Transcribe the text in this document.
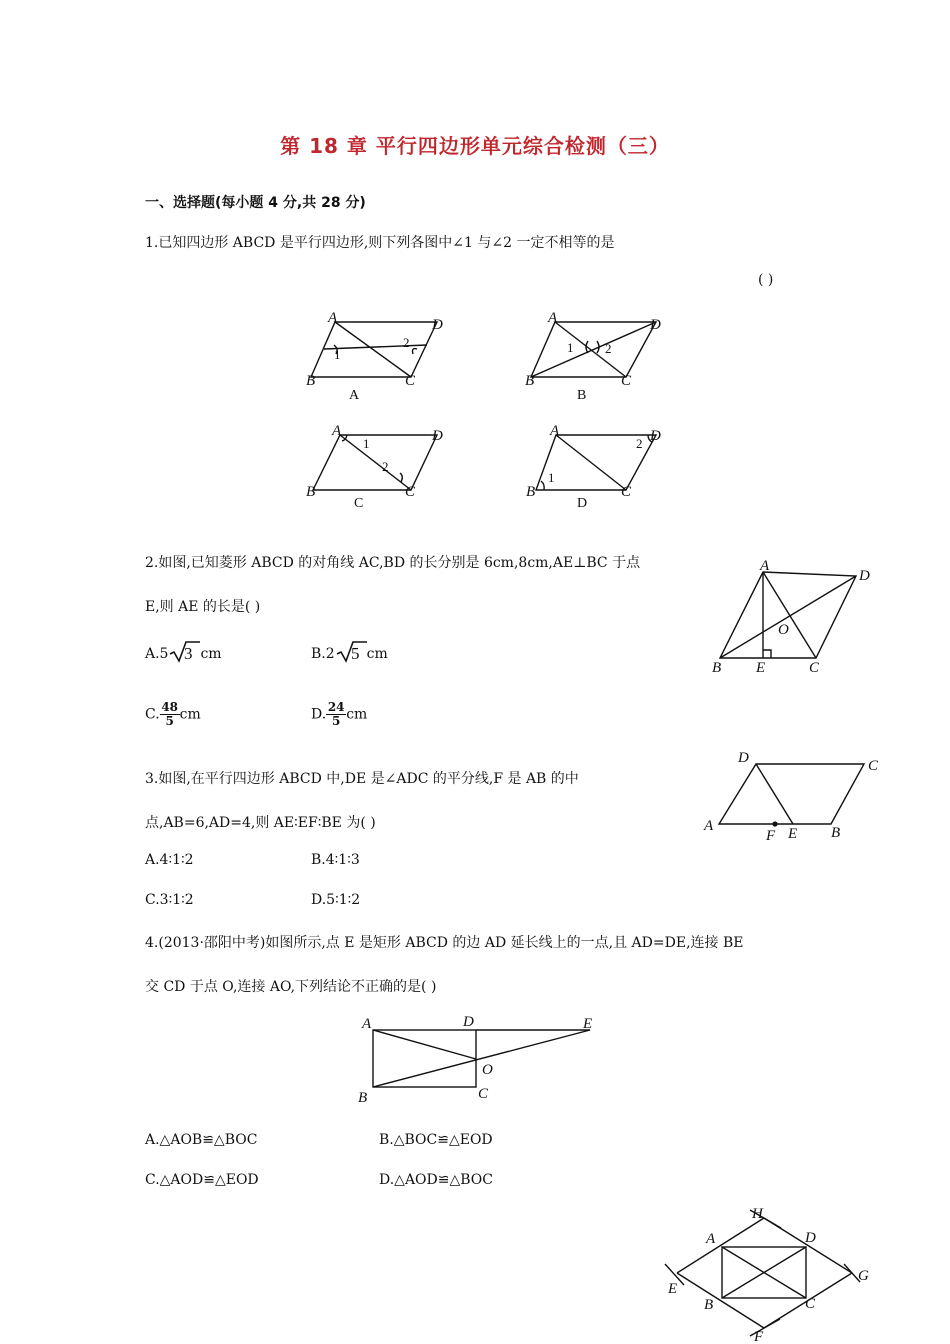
第 18 章 平行四边形单元综合检测（三）
一、选择题(每小题 4 分,共 28 分)
1.已知四边形 ABCD 是平行四边形,则下列各图中∠1 与∠2 一定不相等的是
( )
A	D
B	C
1
2
A
A	D
B	C
1 2
B
A	D
B	C
1
2
C
A	D
B	C
1
2
D
2.如图,已知菱形 ABCD 的对角线 AC,BD 的长分别是 6cm,8cm,AE⊥BC 于点
E,则 AE 的长是( )
A.5 3 cm	B.2 5 cm
$C.\frac{48}{5}cm$	$D.\frac{24}{5}cm$
A
D
O
B E	C
3.如图,在平行四边形 ABCD 中,DE 是∠ADC 的平分线,F 是 AB 的中
点,AB=6,AD=4,则 AE∶EF∶BE 为( )
A.4∶1∶2	B.4∶1∶3
C.3∶1∶2	D.5∶1∶2
D	C
A
F E B
4.(2013·邵阳中考)如图所示,点 E 是矩形 ABCD 的边 AD 延长线上的一点,且 AD=DE,连接 BE
交 CD 于点 O,连接 AO,下列结论不正确的是( )
A	D	E
B
O
C
A.△AOB≌△BOC	B.△BOC≌△EOD
C.△AOD≌△EOD	D.△AOD≌△BOC
H
A	D
E
G
B	C
F
